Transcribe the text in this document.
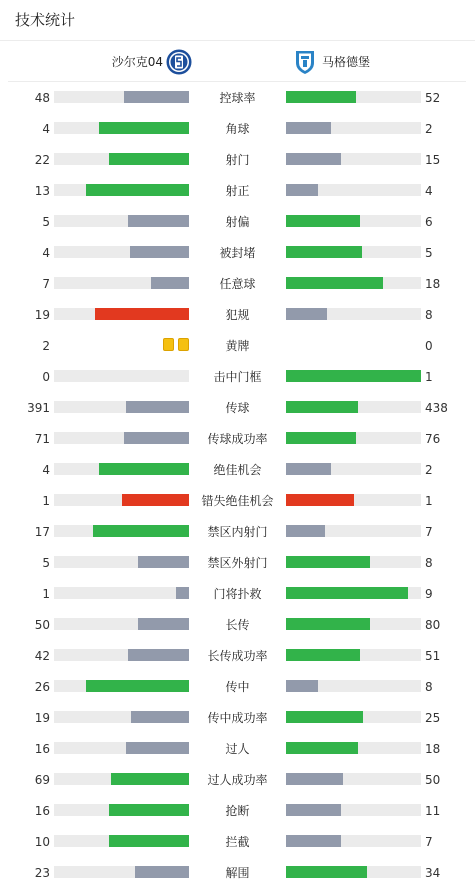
技术统计
沙尔克04	马格德堡
48	控球率	52
4	角球	2
22	射门	15
13	射正	4
5	射偏	6
4	被封堵	5
7	任意球	18
19	犯规	8
2	黄牌	0
0	击中门框	1
391	传球	438
71	传球成功率	76
4	绝佳机会	2
1	错失绝佳机会	1
17	禁区内射门	7
5	禁区外射门	8
1	门将扑救	9
50	长传	80
42	长传成功率	51
26	传中	8
19	传中成功率	25
16	过人	18
69	过人成功率	50
16	抢断	11
10	拦截	7
23	解围	34
